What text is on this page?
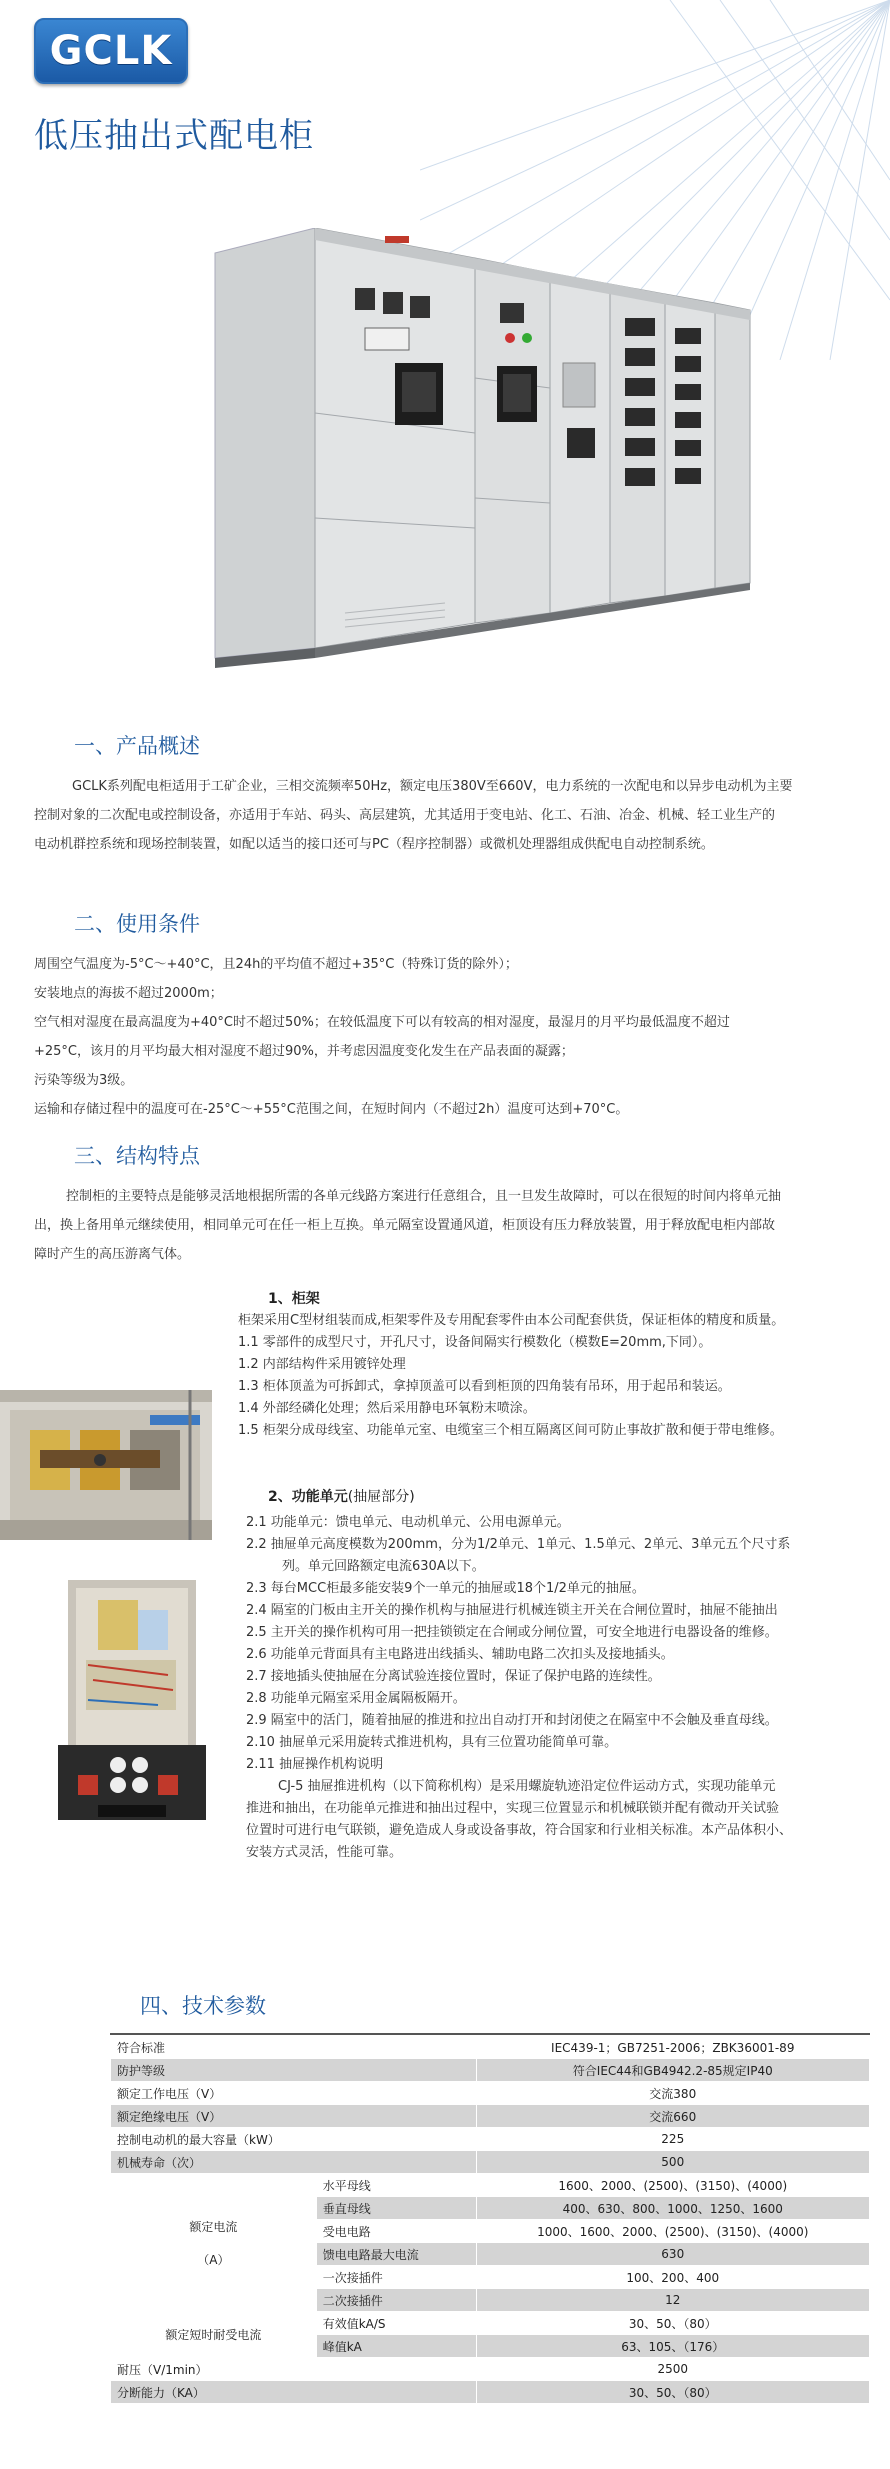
GCLK
低压抽出式配电柜
一、产品概述
GCLK系列配电柜适用于工矿企业，三相交流频率50Hz，额定电压380V至660V，电力系统的一次配电和以异步电动机为主要
控制对象的二次配电或控制设备，亦适用于车站、码头、高层建筑，尤其适用于变电站、化工、石油、冶金、机械、轻工业生产的
电动机群控系统和现场控制装置，如配以适当的接口还可与PC（程序控制器）或微机处理器组成供配电自动控制系统。
二、使用条件
周围空气温度为-5°C～+40°C，且24h的平均值不超过+35°C（特殊订货的除外）；
安装地点的海拔不超过2000m；
空气相对湿度在最高温度为+40°C时不超过50%；在较低温度下可以有较高的相对湿度，最湿月的月平均最低温度不超过
+25°C，该月的月平均最大相对湿度不超过90%，并考虑因温度变化发生在产品表面的凝露；
污染等级为3级。
运输和存储过程中的温度可在-25°C～+55°C范围之间，在短时间内（不超过2h）温度可达到+70°C。
三、结构特点
控制柜的主要特点是能够灵活地根据所需的各单元线路方案进行任意组合，且一旦发生故障时，可以在很短的时间内将单元抽
出，换上备用单元继续使用，相同单元可在任一柜上互换。单元隔室设置通风道，柜顶设有压力释放装置，用于释放配电柜内部故
障时产生的高压游离气体。
1、柜架
柜架采用C型材组装而成,柜架零件及专用配套零件由本公司配套供货，保证柜体的精度和质量。
1.1 零部件的成型尺寸，开孔尺寸，设备间隔实行模数化（模数E=20mm,下同）。
1.2 内部结构件采用镀锌处理
1.3 柜体顶盖为可拆卸式，拿掉顶盖可以看到柜顶的四角装有吊环，用于起吊和装运。
1.4 外部经磷化处理；然后采用静电环氧粉末喷涂。
1.5 柜架分成母线室、功能单元室、电缆室三个相互隔离区间可防止事故扩散和便于带电维修。
2、功能单元(抽屉部分)
2.1 功能单元：馈电单元、电动机单元、公用电源单元。
2.2 抽屉单元高度模数为200mm，分为1/2单元、1单元、1.5单元、2单元、3单元五个尺寸系
列。单元回路额定电流630A以下。
2.3 每台MCC柜最多能安装9个一单元的抽屉或18个1/2单元的抽屉。
2.4 隔室的门板由主开关的操作机构与抽屉进行机械连锁主开关在合闸位置时，抽屉不能抽出
2.5 主开关的操作机构可用一把挂锁锁定在合闸或分闸位置，可安全地进行电器设备的维修。
2.6 功能单元背面具有主电路进出线插头、辅助电路二次扣头及接地插头。
2.7 接地插头使抽屉在分离试验连接位置时，保证了保护电路的连续性。
2.8 功能单元隔室采用金属隔板隔开。
2.9 隔室中的活门，随着抽屉的推进和拉出自动打开和封闭使之在隔室中不会触及垂直母线。
2.10 抽屉单元采用旋转式推进机构，具有三位置功能简单可靠。
2.11 抽屉操作机构说明
CJ-5 抽屉推进机构（以下简称机构）是采用螺旋轨迹沿定位件运动方式，实现功能单元
推进和抽出，在功能单元推进和抽出过程中，实现三位置显示和机械联锁并配有微动开关试验
位置时可进行电气联锁，避免造成人身或设备事故，符合国家和行业相关标准。本产品体积小、
安装方式灵活，性能可靠。
四、技术参数
符合标准		IEC439-1；GB7251-2006；ZBK36001-89
防护等级		符合IEC44和GB4942.2-85规定IP40
额定工作电压（V）		交流380
额定绝缘电压（V）		交流660
控制电动机的最大容量（kW）		225
机械寿命（次）		500

额定电流
（A）	水平母线	1600、2000、(2500)、(3150)、(4000)
	垂直母线	400、630、800、1000、1250、1600
	受电电路	1000、1600、2000、(2500)、(3150)、(4000)
	馈电电路最大电流	630
	一次接插件	100、200、400
	二次接插件	12
额定短时耐受电流	有效值kA/S	30、50、（80）
	峰值kA	63、105、（176）
耐压（V/1min）		2500
分断能力（KA）		30、50、（80）
